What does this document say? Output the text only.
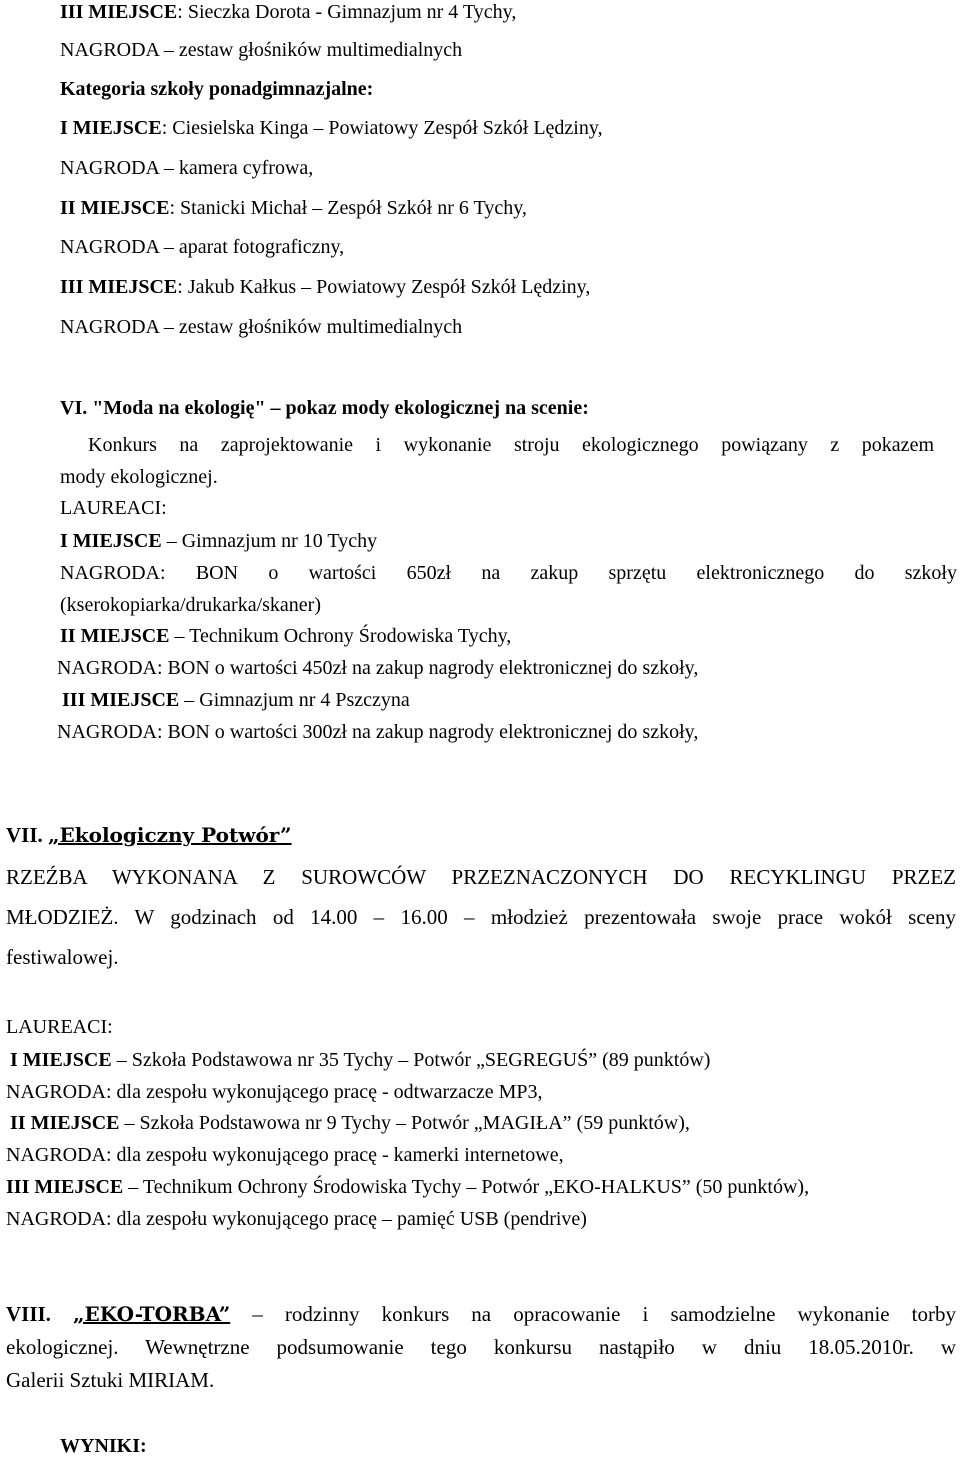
III MIEJSCE: Sieczka Dorota - Gimnazjum nr 4 Tychy,
NAGRODA – zestaw głośników multimedialnych
Kategoria szkoły ponadgimnazjalne:
I MIEJSCE: Ciesielska Kinga – Powiatowy Zespół Szkół Lędziny,
NAGRODA – kamera cyfrowa,
II MIEJSCE: Stanicki Michał – Zespół Szkół nr 6 Tychy,
NAGRODA – aparat fotograficzny,
III MIEJSCE: Jakub Kałkus – Powiatowy Zespół Szkół Lędziny,
NAGRODA – zestaw głośników multimedialnych
VI. "Moda na ekologię" – pokaz mody ekologicznej na scenie:
Konkurs na zaprojektowanie i wykonanie stroju ekologicznego powiązany z pokazem
mody ekologicznej.
LAUREACI:
I MIEJSCE – Gimnazjum nr 10 Tychy
NAGRODA: BON o wartości 650zł na zakup sprzętu elektronicznego do szkoły
(kserokopiarka/drukarka/skaner)
II MIEJSCE – Technikum Ochrony Środowiska Tychy,
NAGRODA: BON o wartości 450zł na zakup nagrody elektronicznej do szkoły,
III MIEJSCE – Gimnazjum nr 4 Pszczyna
NAGRODA: BON o wartości 300zł na zakup nagrody elektronicznej do szkoły,
VII. „Ekologiczny Potwór”
RZEŹBA WYKONANA Z SUROWCÓW PRZEZNACZONYCH DO RECYKLINGU PRZEZ
MŁODZIEŻ. W godzinach od 14.00 – 16.00 – młodzież prezentowała swoje prace wokół sceny
festiwalowej.
LAUREACI:
I MIEJSCE – Szkoła Podstawowa nr 35 Tychy – Potwór „SEGREGUŚ” (89 punktów)
NAGRODA: dla zespołu wykonującego pracę - odtwarzacze MP3,
II MIEJSCE – Szkoła Podstawowa nr 9 Tychy – Potwór „MAGIŁA” (59 punktów),
NAGRODA: dla zespołu wykonującego pracę - kamerki internetowe,
III MIEJSCE – Technikum Ochrony Środowiska Tychy – Potwór „EKO-HALKUS” (50 punktów),
NAGRODA: dla zespołu wykonującego pracę – pamięć USB (pendrive)
VIII. „EKO-TORBA” – rodzinny konkurs na opracowanie i samodzielne wykonanie torby
ekologicznej. Wewnętrzne podsumowanie tego konkursu nastąpiło w dniu 18.05.2010r. w
Galerii Sztuki MIRIAM.
WYNIKI:
